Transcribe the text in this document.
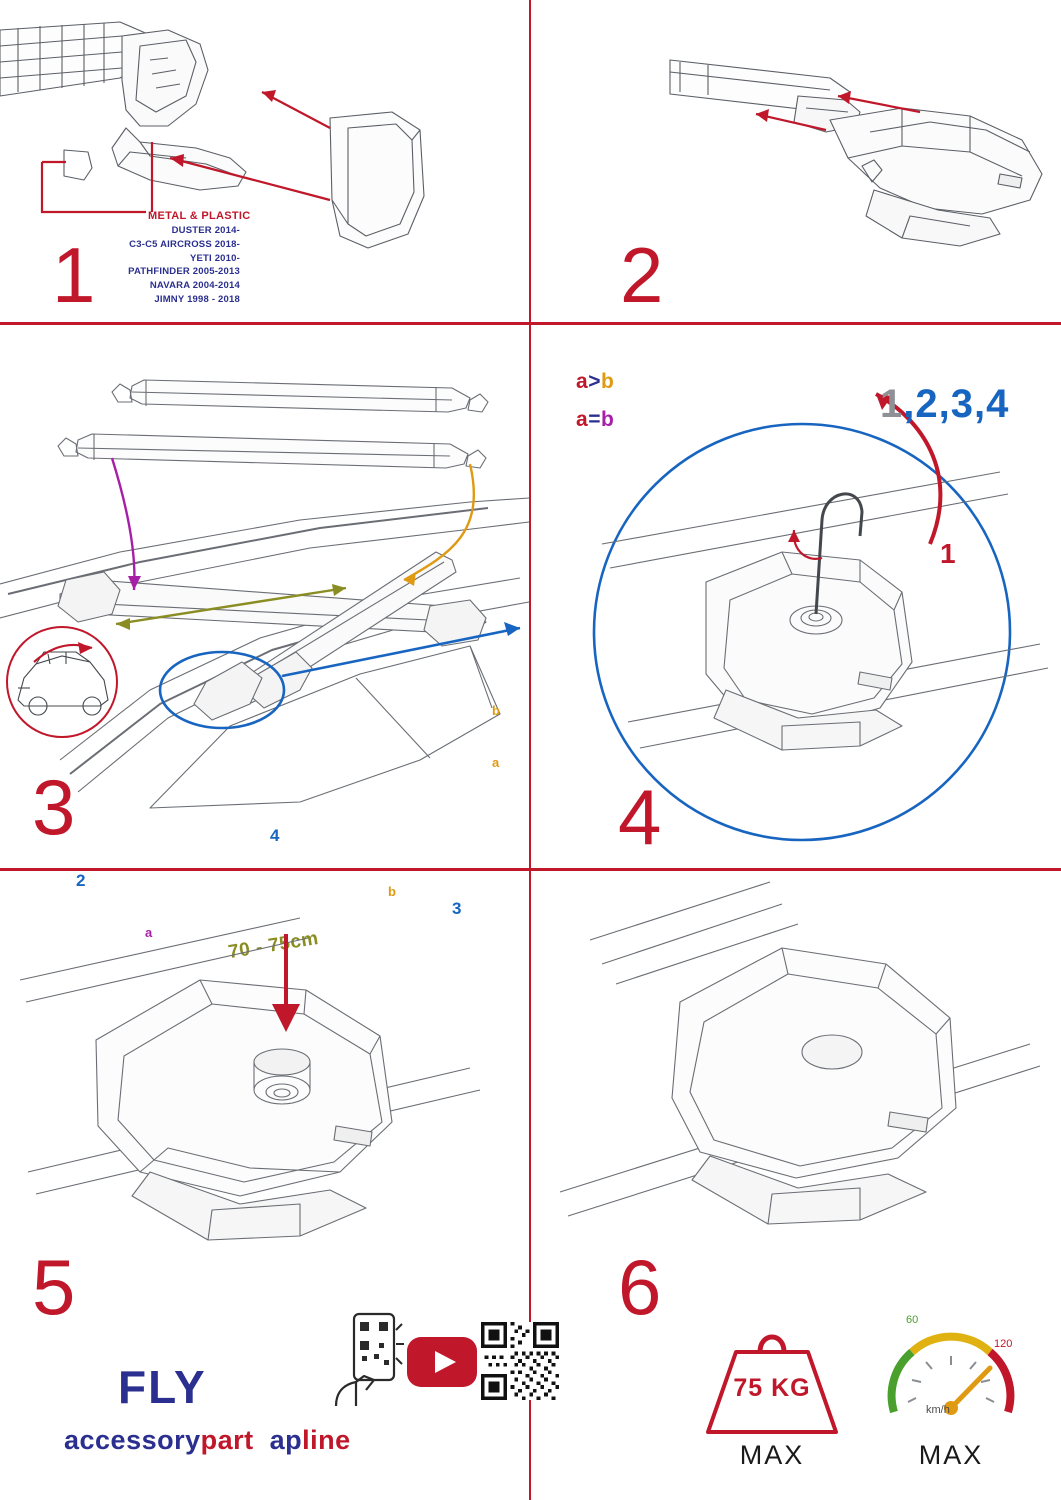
METAL & PLASTIC
DUSTER 2014-
C3-C5 AIRCROSS 2018-
YETI 2010-
PATHFINDER 2005-2013
NAVARA 2004-2014
JIMNY 1998 - 2018
1	2
b
a
a
b
2
3
4
70 - 75cm
a>b
a=b
3
1,2,3,4
1
4
5
FLY
accessorypart apline
6
75 KG
MAX
60
120
km/h
MAX
